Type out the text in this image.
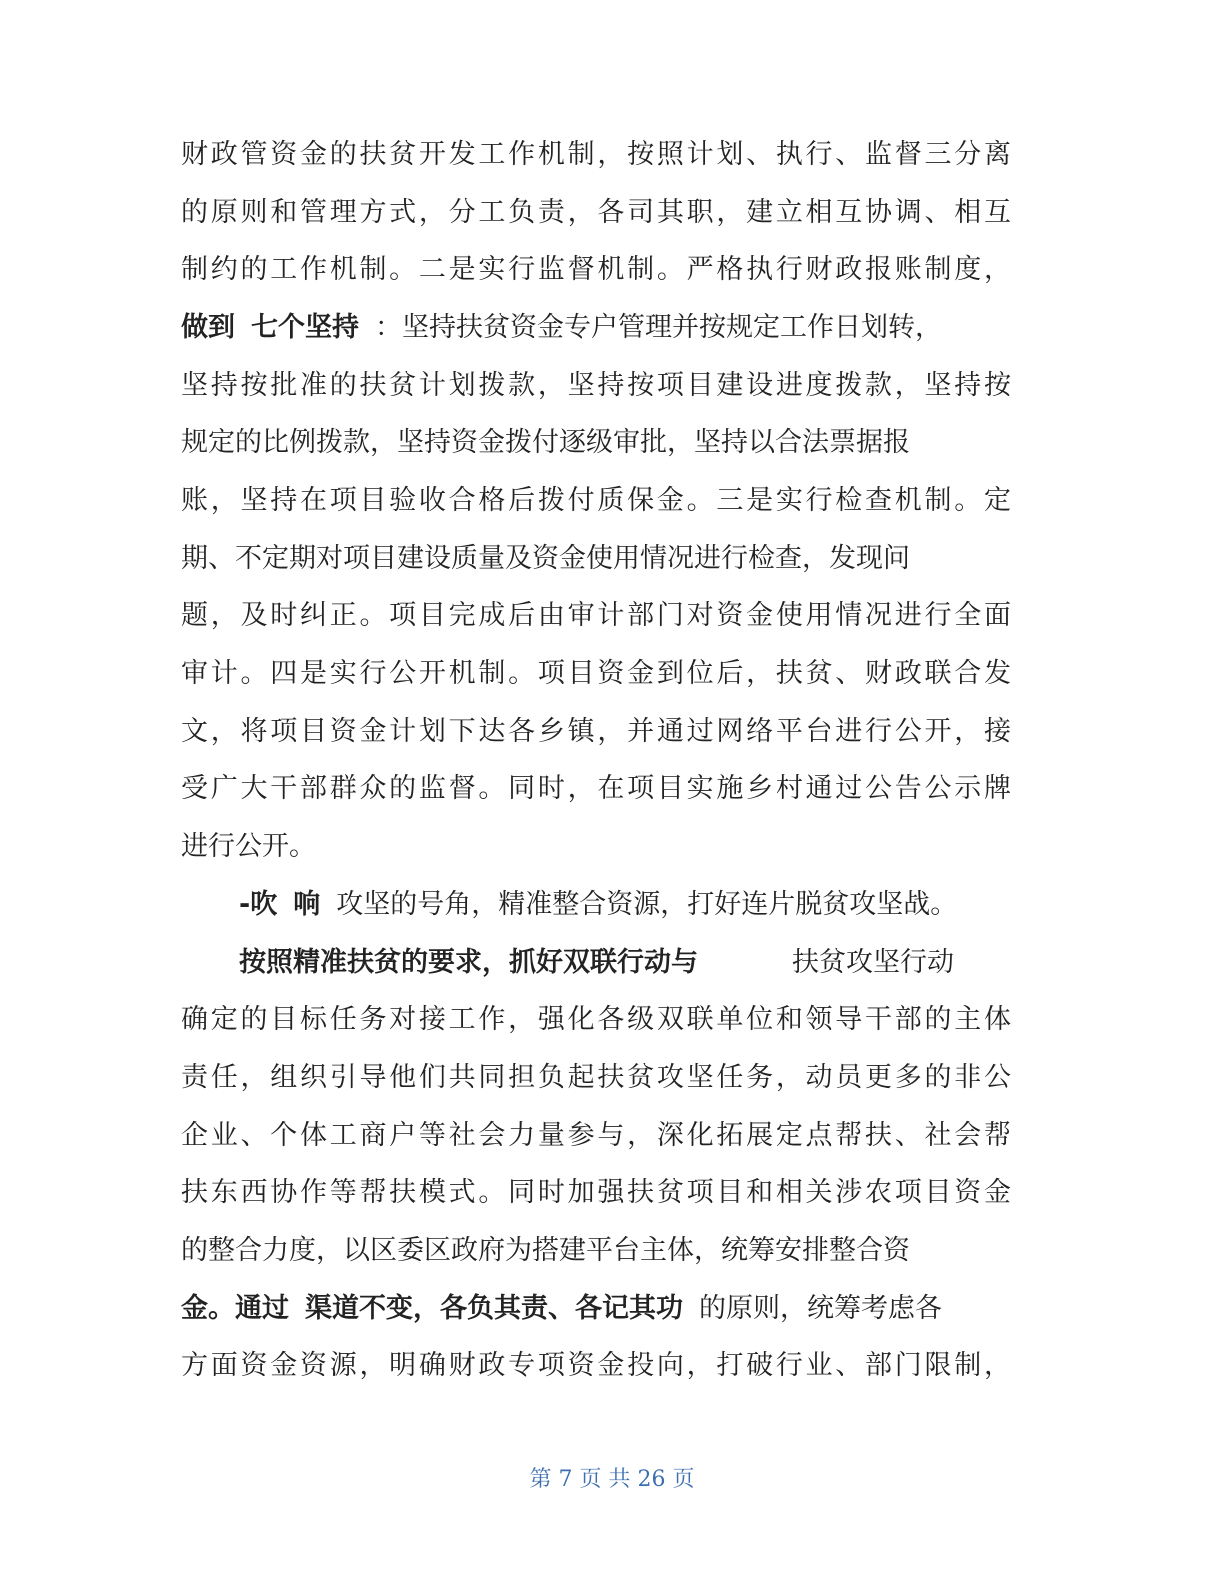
财政管资金的扶贫开发工作机制，按照计划、执行、监督三分离
的原则和管理方式，分工负责，各司其职，建立相互协调、相互
制约的工作机制。二是实行监督机制。严格执行财政报账制度，
做到 七个坚持 ：坚持扶贫资金专户管理并按规定工作日划转，
坚持按批准的扶贫计划拨款，坚持按项目建设进度拨款，坚持按
规定的比例拨款，坚持资金拨付逐级审批，坚持以合法票据报
账，坚持在项目验收合格后拨付质保金。三是实行检查机制。定
期、不定期对项目建设质量及资金使用情况进行检查，发现问
题，及时纠正。项目完成后由审计部门对资金使用情况进行全面
审计。四是实行公开机制。项目资金到位后，扶贫、财政联合发
文，将项目资金计划下达各乡镇，并通过网络平台进行公开，接
受广大干部群众的监督。同时，在项目实施乡村通过公告公示牌
进行公开。
-吹 响 攻坚的号角，精准整合资源，打好连片脱贫攻坚战。
按照精准扶贫的要求，抓好双联行动与	扶贫攻坚行动
确定的目标任务对接工作，强化各级双联单位和领导干部的主体
责任，组织引导他们共同担负起扶贫攻坚任务，动员更多的非公
企业、个体工商户等社会力量参与，深化拓展定点帮扶、社会帮
扶东西协作等帮扶模式。同时加强扶贫项目和相关涉农项目资金
的整合力度，以区委区政府为搭建平台主体，统筹安排整合资
金。通过 渠道不变，各负其责、各记其功 的原则，统筹考虑各
方面资金资源，明确财政专项资金投向，打破行业、部门限制，
第 7 页 共 26 页
